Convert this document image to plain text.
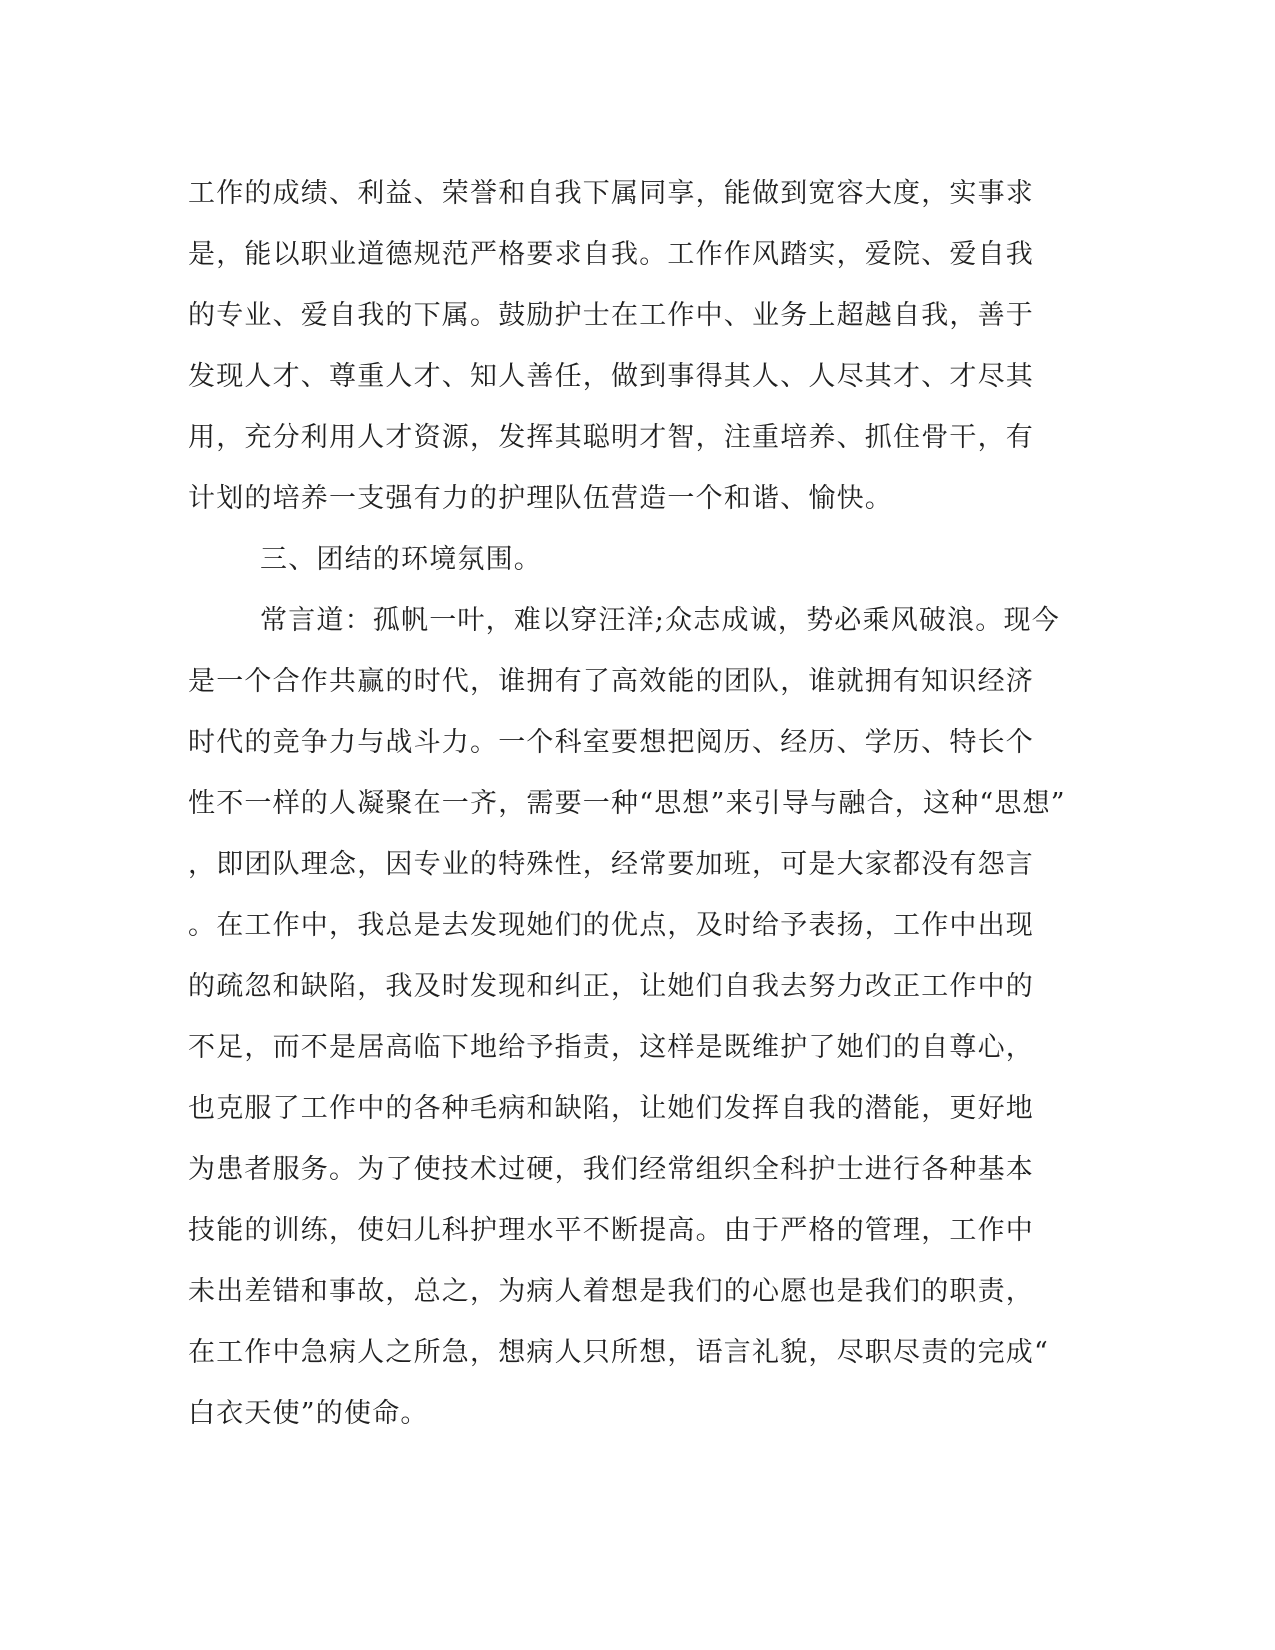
工作的成绩、利益、荣誉和自我下属同享，能做到宽容大度，实事求
是，能以职业道德规范严格要求自我。工作作风踏实，爱院、爱自我
的专业、爱自我的下属。鼓励护士在工作中、业务上超越自我，善于
发现人才、尊重人才、知人善任，做到事得其人、人尽其才、才尽其
用，充分利用人才资源，发挥其聪明才智，注重培养、抓住骨干，有
计划的培养一支强有力的护理队伍营造一个和谐、愉快。
三、团结的环境氛围。
常言道：孤帆一叶，难以穿汪洋;众志成诚，势必乘风破浪。现今
是一个合作共赢的时代，谁拥有了高效能的团队，谁就拥有知识经济
时代的竞争力与战斗力。一个科室要想把阅历、经历、学历、特长个
性不一样的人凝聚在一齐，需要一种“思想”来引导与融合，这种“思想”
，即团队理念，因专业的特殊性，经常要加班，可是大家都没有怨言
。在工作中，我总是去发现她们的优点，及时给予表扬，工作中出现
的疏忽和缺陷，我及时发现和纠正，让她们自我去努力改正工作中的
不足，而不是居高临下地给予指责，这样是既维护了她们的自尊心，
也克服了工作中的各种毛病和缺陷，让她们发挥自我的潜能，更好地
为患者服务。为了使技术过硬，我们经常组织全科护士进行各种基本
技能的训练，使妇儿科护理水平不断提高。由于严格的管理，工作中
未出差错和事故，总之，为病人着想是我们的心愿也是我们的职责，
在工作中急病人之所急，想病人只所想，语言礼貌，尽职尽责的完成“
白衣天使”的使命。
